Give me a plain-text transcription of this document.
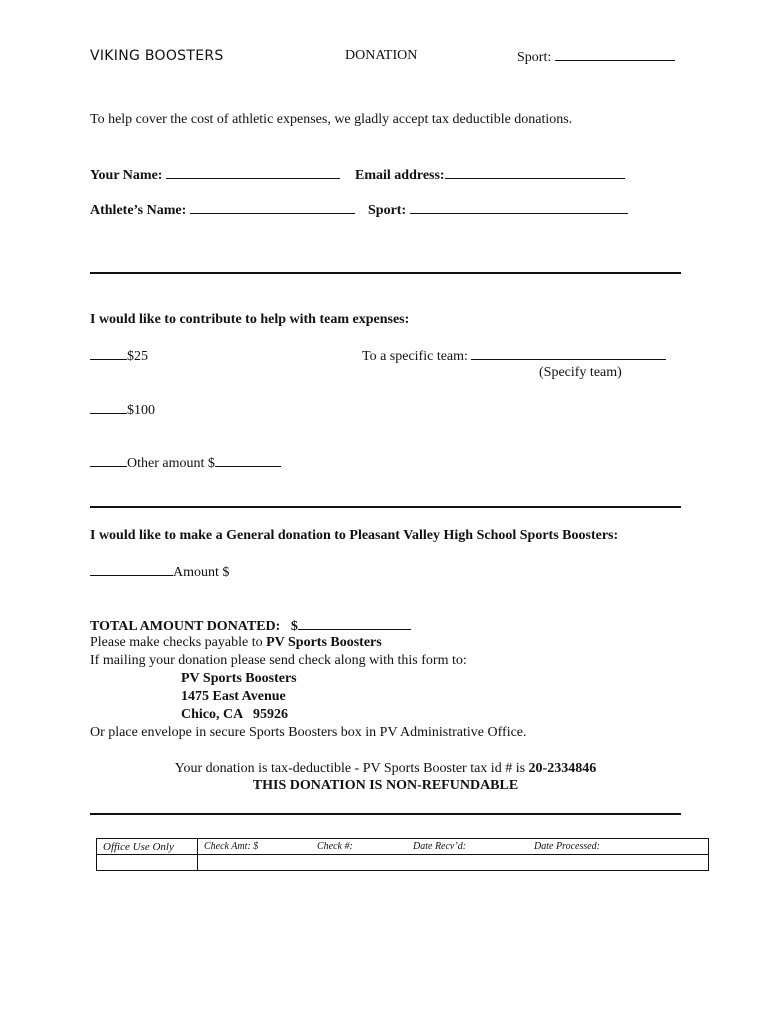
VIKING BOOSTERS	DONATION	Sport:
To help cover the cost of athletic expenses, we gladly accept tax deductible donations.
Your Name:	Email address:
Athlete’s Name:	Sport:
I would like to contribute to help with team expenses:
$25	To a specific team:
(Specify team)
$100
Other amount $
I would like to make a General donation to Pleasant Valley High School Sports Boosters:
Amount $
TOTAL AMOUNT DONATED: $
Please make checks payable to PV Sports Boosters
If mailing your donation please send check along with this form to:
PV Sports Boosters
1475 East Avenue
Chico, CA   95926
Or place envelope in secure Sports Boosters box in PV Administrative Office.
Your donation is tax-deductible - PV Sports Booster tax id # is 20-2334846
THIS DONATION IS NON-REFUNDABLE
Office Use Only	Check Amt: $ Check #: Date Recv’d: Date Processed:
